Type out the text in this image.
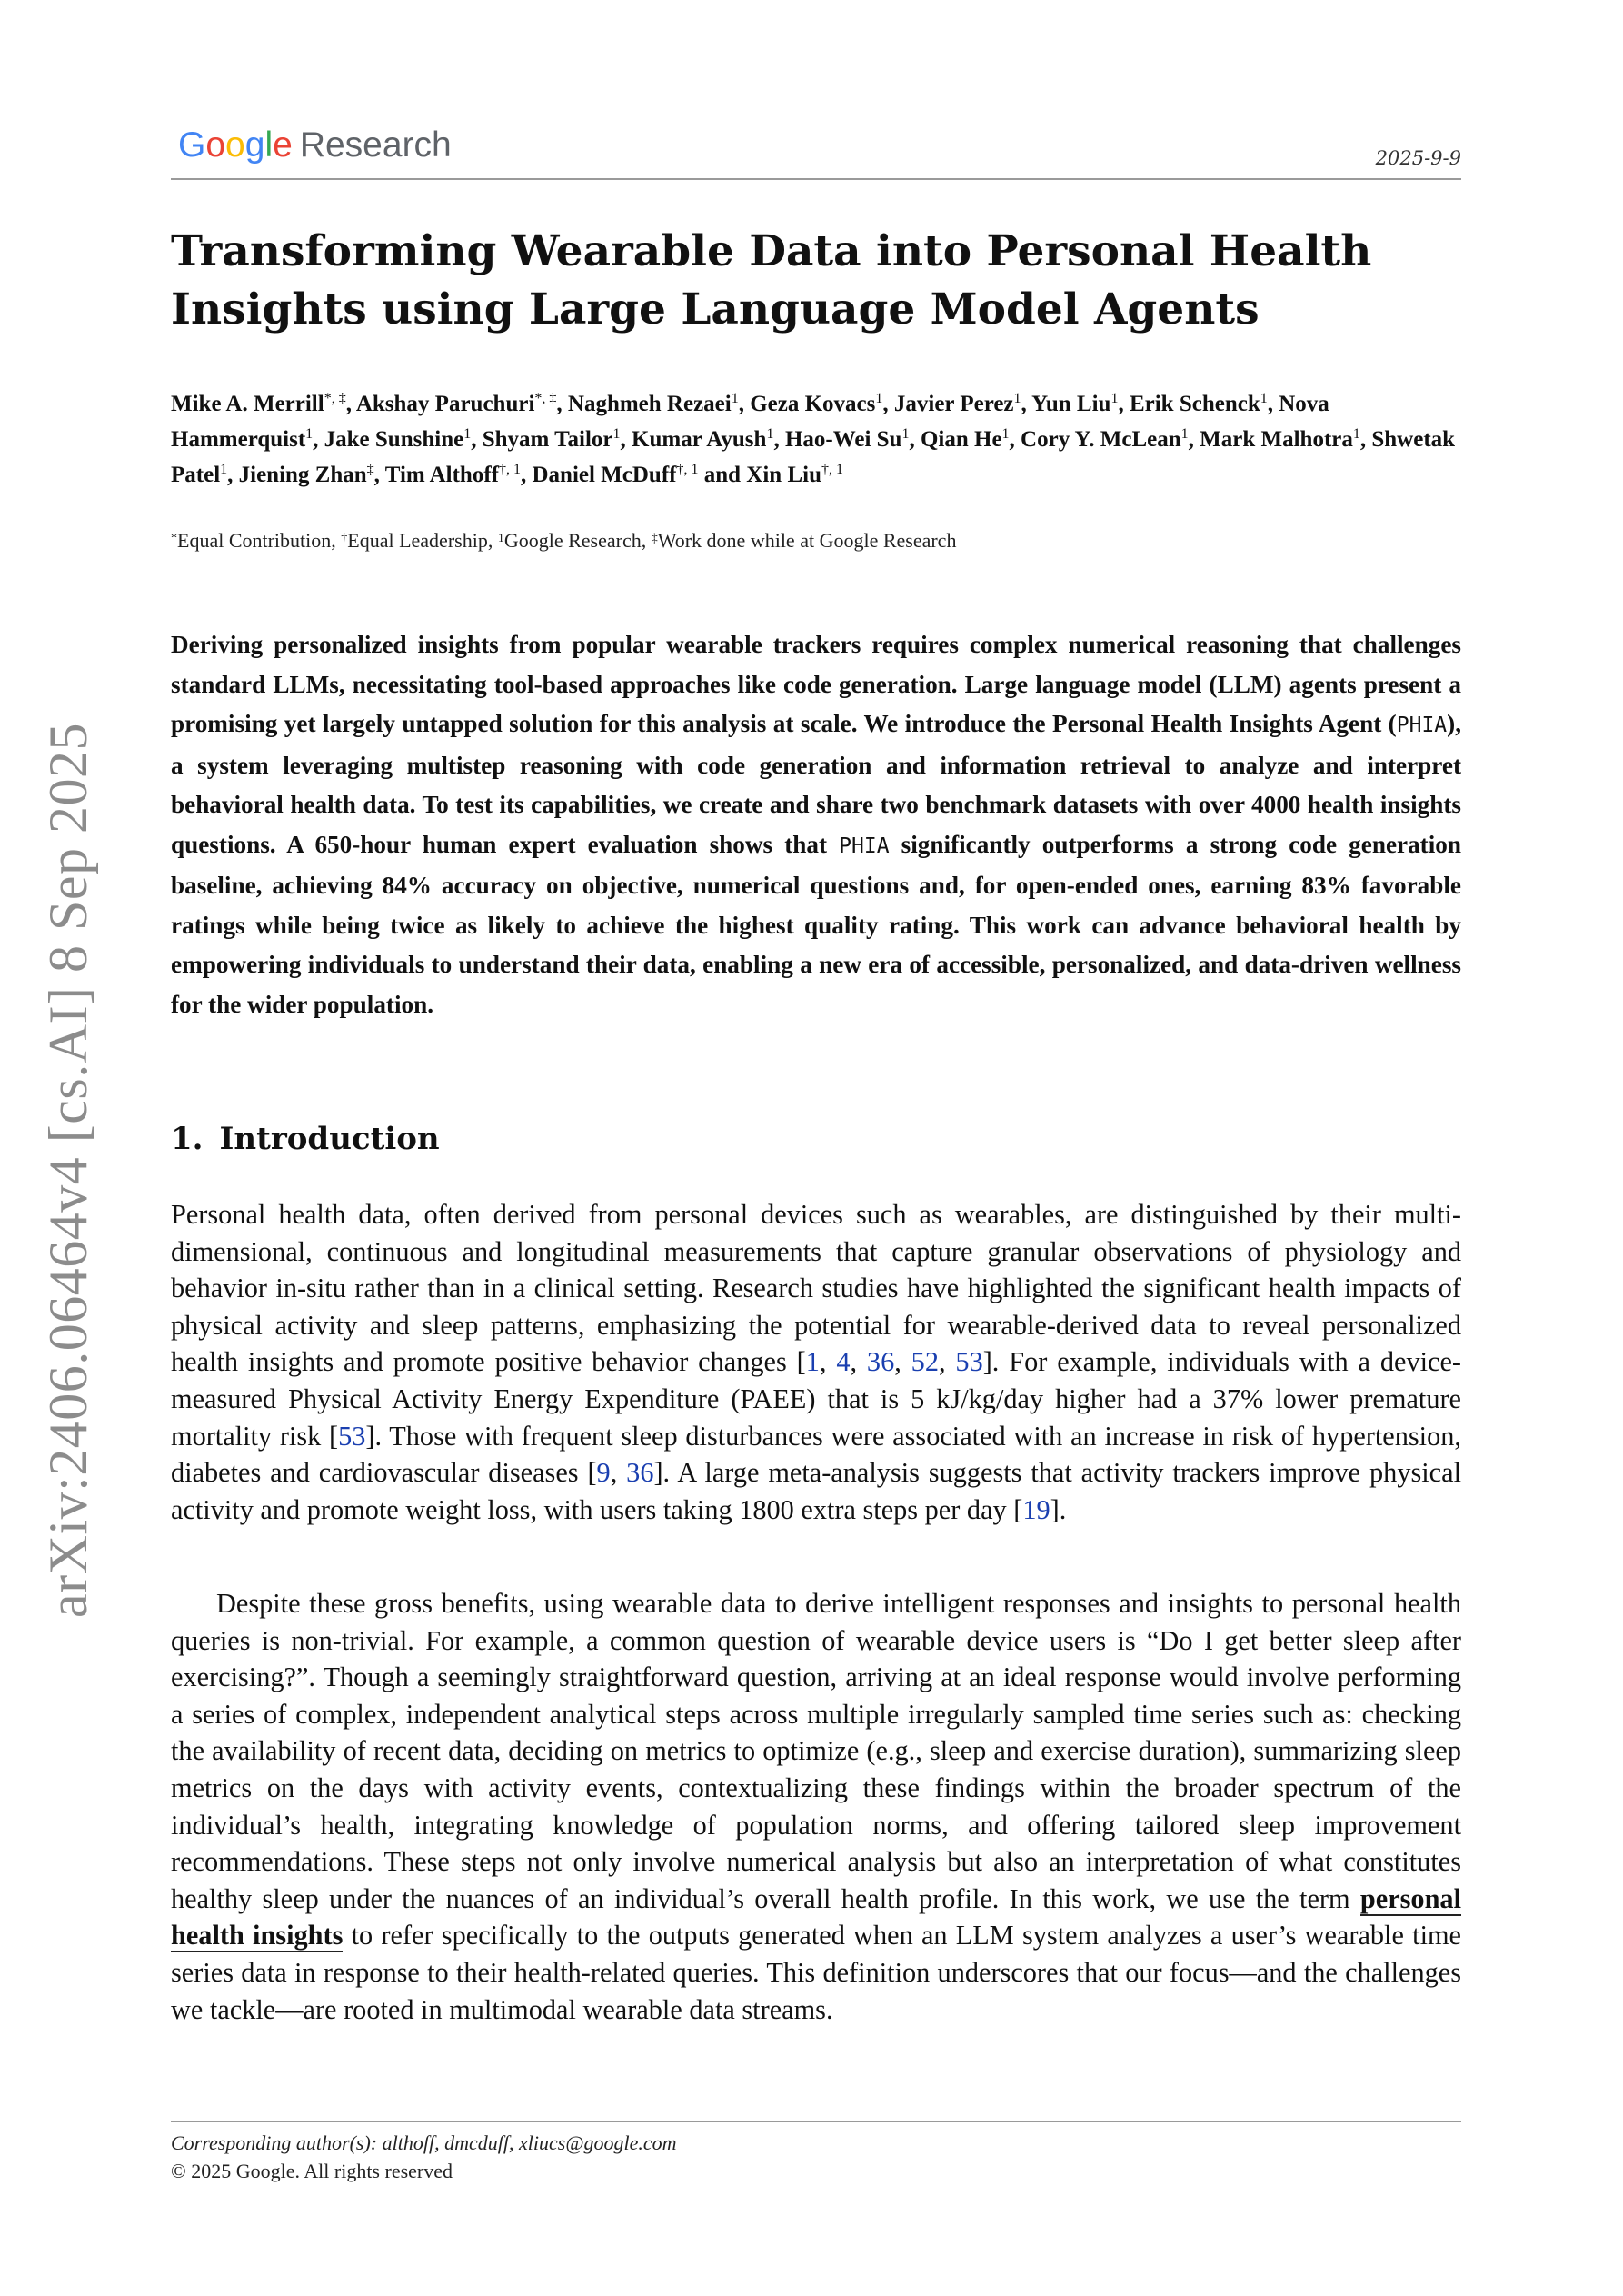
Google Research	2025-9-9
arXiv:2406.06464v4 [cs.AI] 8 Sep 2025
Transforming Wearable Data into Personal Health Insights using Large Language Model Agents
Mike A. Merrill*, ‡, Akshay Paruchuri*, ‡, Naghmeh Rezaei$^1$, Geza Kovacs$^1$, Javier Perez$^1$, Yun Liu$^1$, Erik Schenck$^1$, Nova Hammerquist$^1$, Jake Sunshine$^1$, Shyam Tailor$^1$, Kumar Ayush$^1$, Hao-Wei Su$^1$, Qian He$^1$, Cory Y. McLean$^1$, Mark Malhotra$^1$, Shwetak Patel$^1$, Jiening Zhan‡, Tim Althoff$^{\dagger, 1}$, Daniel McDuff$^{\dagger, 1}$ and Xin Liu$^{\dagger, 1}$
*Equal Contribution, †Equal Leadership, $^1$Google Research, ‡Work done while at Google Research
Deriving personalized insights from popular wearable trackers requires complex numerical reasoning that challenges standard LLMs, necessitating tool-based approaches like code generation. Large language model (LLM) agents present a promising yet largely untapped solution for this analysis at scale. We introduce the Personal Health Insights Agent (PHIA), a system leveraging multistep reasoning with code generation and information retrieval to analyze and interpret behavioral health data. To test its capabilities, we create and share two benchmark datasets with over 4000 health insights questions. A 650-hour human expert evaluation shows that PHIA significantly outperforms a strong code generation baseline, achieving 84% accuracy on objective, numerical questions and, for open-ended ones, earning 83% favorable ratings while being twice as likely to achieve the highest quality rating. This work can advance behavioral health by empowering individuals to understand their data, enabling a new era of accessible, personalized, and data-driven wellness for the wider population.
1. Introduction

Personal health data, often derived from personal devices such as wearables, are distinguished by their multi-dimensional, continuous and longitudinal measurements that capture granular observations of physiology and behavior in-situ rather than in a clinical setting. Research studies have highlighted the significant health impacts of physical activity and sleep patterns, emphasizing the potential for wearable-derived data to reveal personalized health insights and promote positive behavior changes [1, 4, 36, 52, 53]. For example, individuals with a device-measured Physical Activity Energy Expenditure (PAEE) that is 5 kJ/kg/day higher had a 37% lower premature mortality risk [53]. Those with frequent sleep disturbances were associated with an increase in risk of hypertension, diabetes and cardiovascular diseases [9, 36]. A large meta-analysis suggests that activity trackers improve physical activity and promote weight loss, with users taking 1800 extra steps per day [19].

Despite these gross benefits, using wearable data to derive intelligent responses and insights to personal health queries is non-trivial. For example, a common question of wearable device users is “Do I get better sleep after exercising?”. Though a seemingly straightforward question, arriving at an ideal response would involve performing a series of complex, independent analytical steps across multiple irregularly sampled time series such as: checking the availability of recent data, deciding on metrics to optimize (e.g., sleep and exercise duration), summarizing sleep metrics on the days with activity events, contextualizing these findings within the broader spectrum of the individual’s health, integrating knowledge of population norms, and offering tailored sleep improvement recommendations. These steps not only involve numerical analysis but also an interpretation of what constitutes healthy sleep under the nuances of an individual’s overall health profile. In this work, we use the term personal health insights to refer specifically to the outputs generated when an LLM system analyzes a user’s wearable time series data in response to their health-related queries. This definition underscores that our focus—and the challenges we tackle—are rooted in multimodal wearable data streams.

Corresponding author(s): althoff, dmcduff, xliucs@google.com
© 2025 Google. All rights reserved
